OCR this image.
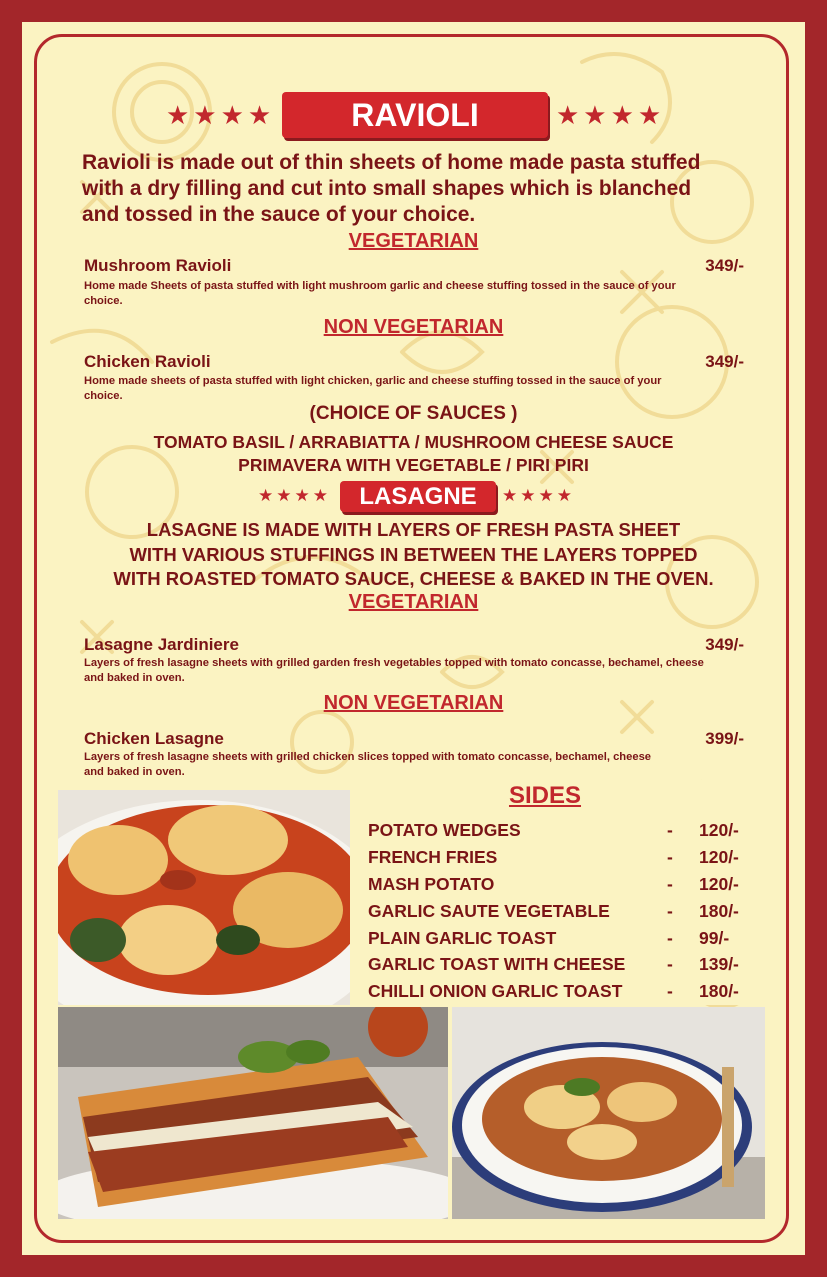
★★★★	RAVIOLI	★★★★
Ravioli is made out of thin sheets of home made pasta stuffed
with a dry filling and cut into small shapes which is blanched
and tossed in the sauce of your choice.
VEGETARIAN
Mushroom Ravioli	349/-
Home made Sheets of pasta stuffed with light mushroom garlic and cheese stuffing tossed in the sauce of your
choice.
NON VEGETARIAN
Chicken Ravioli	349/-
Home made sheets of pasta stuffed with light chicken, garlic and cheese stuffing tossed in the sauce of your
choice.
(CHOICE OF SAUCES )
TOMATO BASIL / ARRABIATTA / MUSHROOM CHEESE SAUCE
PRIMAVERA WITH VEGETABLE / PIRI PIRI
★★★★	LASAGNE	★★★★
LASAGNE IS MADE WITH LAYERS OF FRESH PASTA SHEET
WITH VARIOUS STUFFINGS IN BETWEEN THE LAYERS TOPPED
WITH ROASTED TOMATO SAUCE, CHEESE & BAKED IN THE OVEN.
VEGETARIAN
Lasagne Jardiniere	349/-
Layers of fresh lasagne sheets with grilled garden fresh vegetables topped with tomato concasse, bechamel, cheese
and baked in oven.
NON VEGETARIAN
Chicken Lasagne	399/-
Layers of fresh lasagne sheets with grilled chicken slices topped with tomato concasse, bechamel, cheese
and baked in oven.
SIDES
POTATO WEDGES	- 120/-
FRENCH FRIES	- 120/-
MASH POTATO	- 120/-
GARLIC SAUTE VEGETABLE	- 180/-
PLAIN GARLIC TOAST	- 99/-
GARLIC TOAST WITH CHEESE - 139/-
CHILLI ONION GARLIC TOAST	- 180/-
